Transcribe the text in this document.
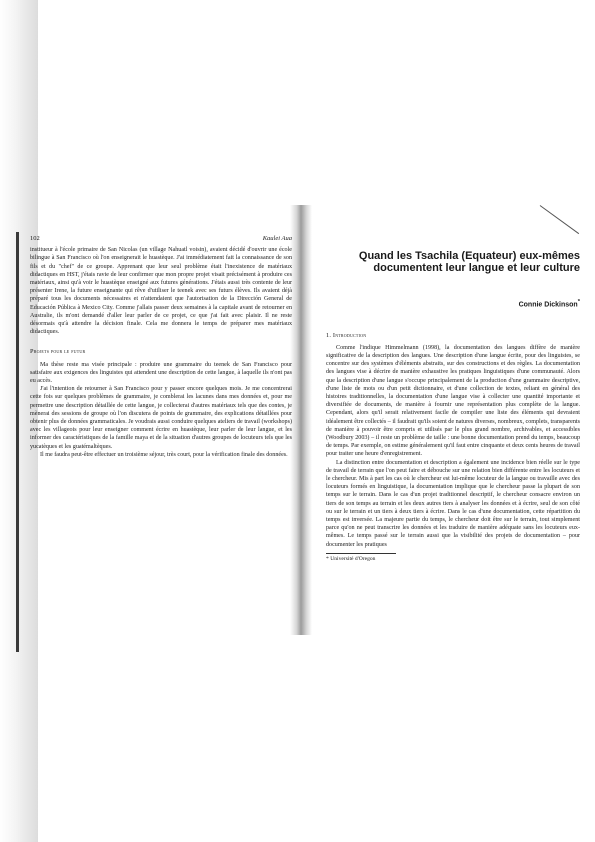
102	Kaulei Aua

institueur à l'école primaire de San Nicolas (un village Nahuatl voisin), avaient décidé d'ouvrir une école bilingue à San Francisco où l'on enseignerait le huastèque. J'ai immédiatement fait la connaissance de son fils et du "chef" de ce groupe. Apprenant que leur seul problème était l'inexistence de matériaux didactiques en HST, j'étais ravie de leur confirmer que mon propre projet visait précisément à produire ces matériaux, ainsi qu'à voir le huastèque enseigné aux futures générations. J'étais aussi très contente de leur présenter Irene, la future enseignante qui rêve d'utiliser le teenek avec ses futurs élèves. Ils avaient déjà préparé tous les documents nécessaires et n'attendaient que l'autorisation de la Dirección General de Educación Pública à Mexico City. Comme j'allais passer deux semaines à la capitale avant de retourner en Australie, ils m'ont demandé d'aller leur parler de ce projet, ce que j'ai fait avec plaisir. Il ne reste désormais qu'à attendre la décision finale. Cela me donnera le temps de préparer mes matériaux didactiques.

Projets pour le futur

Ma thèse reste ma visée principale : produire une grammaire du teenek de San Francisco pour satisfaire aux exigences des linguistes qui attendent une description de cette langue, à laquelle ils n'ont pas eu accès.

J'ai l'intention de retourner à San Francisco pour y passer encore quelques mois. Je me concentrerai cette fois sur quelques problèmes de grammaire, je comblerai les lacunes dans mes données et, pour me permettre une description détaillée de cette langue, je collecterai d'autres matériaux tels que des contes, je mènerai des sessions de groupe où l'on discutera de points de grammaire, des explications détaillées pour obtenir plus de données grammaticales. Je voudrais aussi conduire quelques ateliers de travail (workshops) avec les villageois pour leur enseigner comment écrire en huastèque, leur parler de leur langue, et les informer des caractéristiques de la famille maya et de la situation d'autres groupes de locuteurs tels que les yucatèques et les guatémaltèques.

Il me faudra peut-être effectuer un troisième séjour, très court, pour la vérification finale des données.

Quand les Tsachila (Equateur) eux-mêmes
documentent leur langue et leur culture
Connie Dickinson*
1. Introduction

Comme l'indique Himmelmann (1998), la documentation des langues diffère de manière significative de la description des langues. Une description d'une langue écrite, pour des linguistes, se concentre sur des systèmes d'éléments abstraits, sur des constructions et des règles. La documentation des langues vise à décrire de manière exhaustive les pratiques linguistiques d'une communauté. Alors que la description d'une langue s'occupe principalement de la production d'une grammaire descriptive, d'une liste de mots ou d'un petit dictionnaire, et d'une collection de textes, reliant en général des histoires traditionnelles, la documentation d'une langue vise à collecter une quantité importante et diversifiée de documents, de manière à fournir une représentation plus complète de la langue. Cependant, alors qu'il serait relativement facile de compiler une liste des éléments qui devraient idéalement être collectés – il faudrait qu'ils soient de natures diverses, nombreux, complets, transparents de manière à pouvoir être compris et utilisés par le plus grand nombre, archivables, et accessibles (Woodbury 2003) – il reste un problème de taille : une bonne documentation prend du temps, beaucoup de temps. Par exemple, on estime généralement qu'il faut entre cinquante et deux cents heures de travail pour traiter une heure d'enregistrement.

La distinction entre documentation et description a également une incidence bien réelle sur le type de travail de terrain que l'on peut faire et débouche sur une relation bien différente entre les locuteurs et le chercheur. Mis à part les cas où le chercheur est lui-même locuteur de la langue ou travaille avec des locuteurs formés en linguistique, la documentation implique que le chercheur passe la plupart de son temps sur le terrain. Dans le cas d'un projet traditionnel descriptif, le chercheur consacre environ un tiers de son temps au terrain et les deux autres tiers à analyser les données et à écrire, seul de son côté ou sur le terrain et un tiers à deux tiers à écrire. Dans le cas d'une documentation, cette répartition du temps est inversée. La majeure partie du temps, le chercheur doit être sur le terrain, tout simplement parce qu'on ne peut transcrire les données et les traduire de manière adéquate sans les locuteurs eux-mêmes. Le temps passé sur le terrain aussi que la visibilité des projets de documentation – pour documenter les pratiques

* Université d'Oregon
